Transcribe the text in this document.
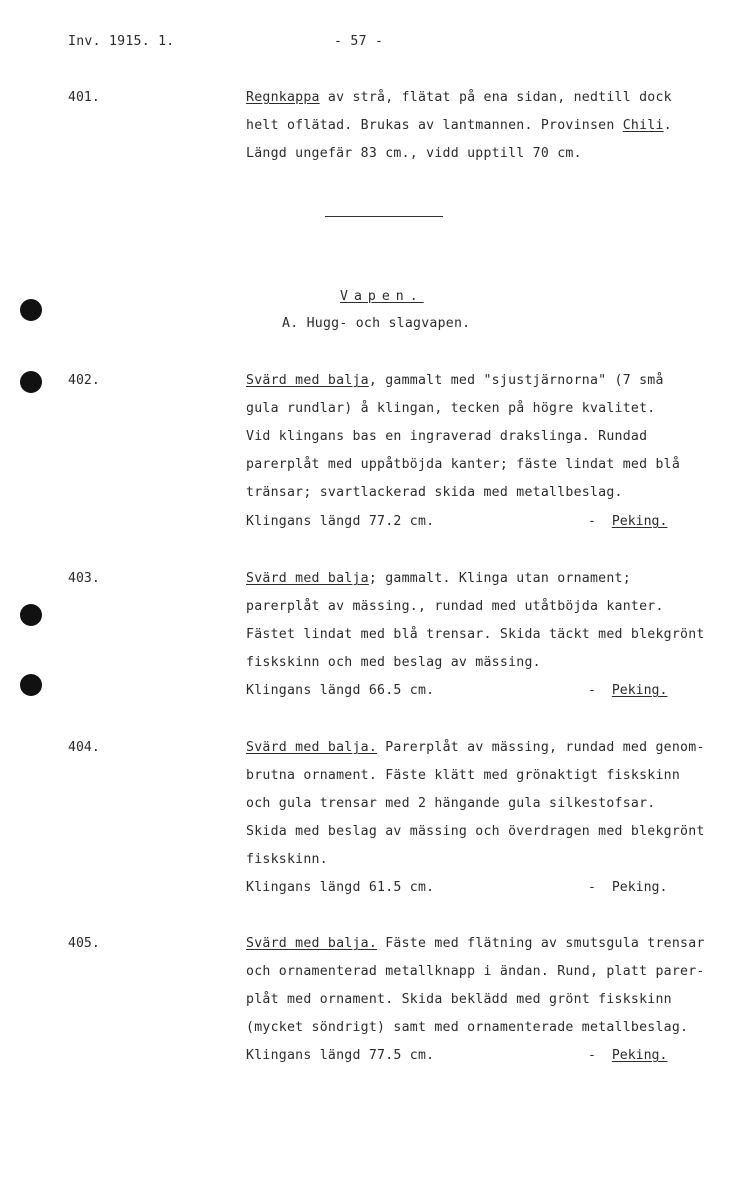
Inv. 1915. 1.	- 57 -
401.	Regnkappa av strå, flätat på ena sidan, nedtill dock
helt oflätad. Brukas av lantmannen. Provinsen Chili.
Längd ungefär 83 cm., vidd upptill 70 cm.
Vapen.
A. Hugg- och slagvapen.
402.	Svärd med balja, gammalt med "sjustjärnorna" (7 små
gula rundlar) å klingan, tecken på högre kvalitet.
Vid klingans bas en ingraverad drakslinga. Rundad
parerplåt med uppåtböjda kanter; fäste lindat med blå
tränsar; svartlackerad skida med metallbeslag.
Klingans längd 77.2 cm.	- Peking.
403.	Svärd med balja; gammalt. Klinga utan ornament;
parerplåt av mässing., rundad med utåtböjda kanter.
Fästet lindat med blå trensar. Skida täckt med blekgrönt
fiskskinn och med beslag av mässing.
Klingans längd 66.5 cm.	- Peking.
404.	Svärd med balja. Parerplåt av mässing, rundad med genom-
brutna ornament. Fäste klätt med grönaktigt fiskskinn
och gula trensar med 2 hängande gula silkestofsar.
Skida med beslag av mässing och överdragen med blekgrönt
fiskskinn.
Klingans längd 61.5 cm.	- Peking.
405.	Svärd med balja. Fäste med flätning av smutsgula trensar
och ornamenterad metallknapp i ändan. Rund, platt parer-
plåt med ornament. Skida beklädd med grönt fiskskinn
(mycket söndrigt) samt med ornamenterade metallbeslag.
Klingans längd 77.5 cm.	- Peking.
